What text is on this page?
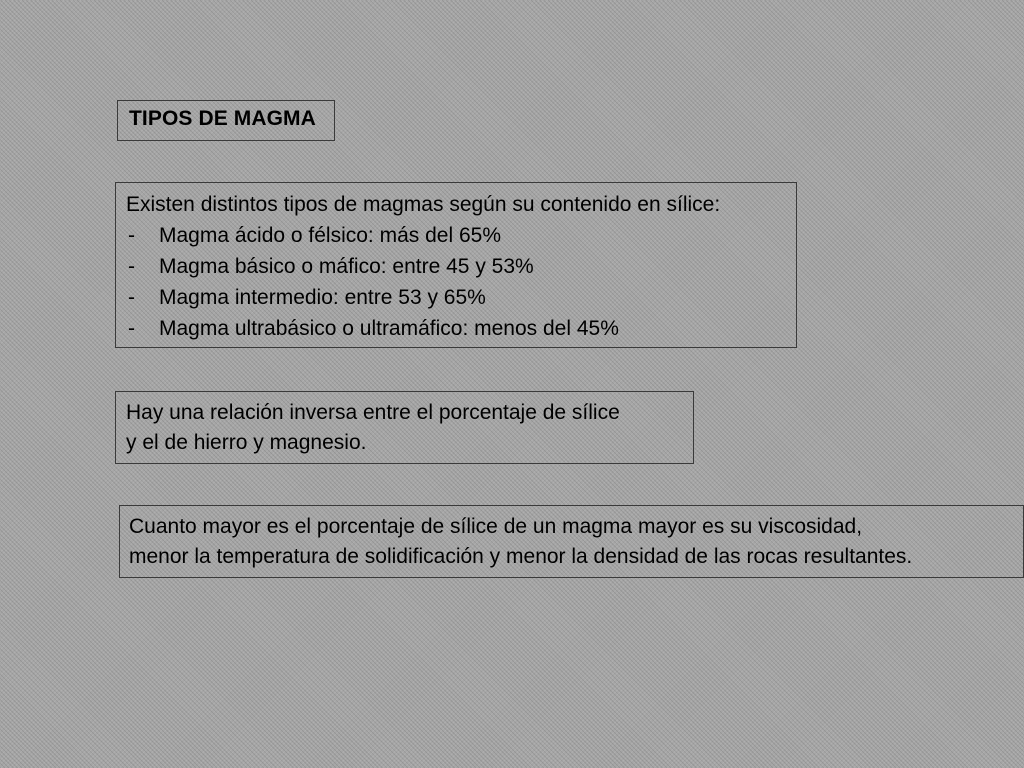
TIPOS DE MAGMA
Existen distintos tipos de magmas según su contenido en sílice:
- Magma ácido o félsico: más del 65%
- Magma básico o máfico: entre 45 y 53%
- Magma intermedio: entre 53 y 65%
- Magma ultrabásico o ultramáfico: menos del 45%
Hay una relación inversa entre el porcentaje de sílice
y el de hierro y magnesio.
Cuanto mayor es el porcentaje de sílice de un magma mayor es su viscosidad,
menor la temperatura de solidificación y menor la densidad de las rocas resultantes.
